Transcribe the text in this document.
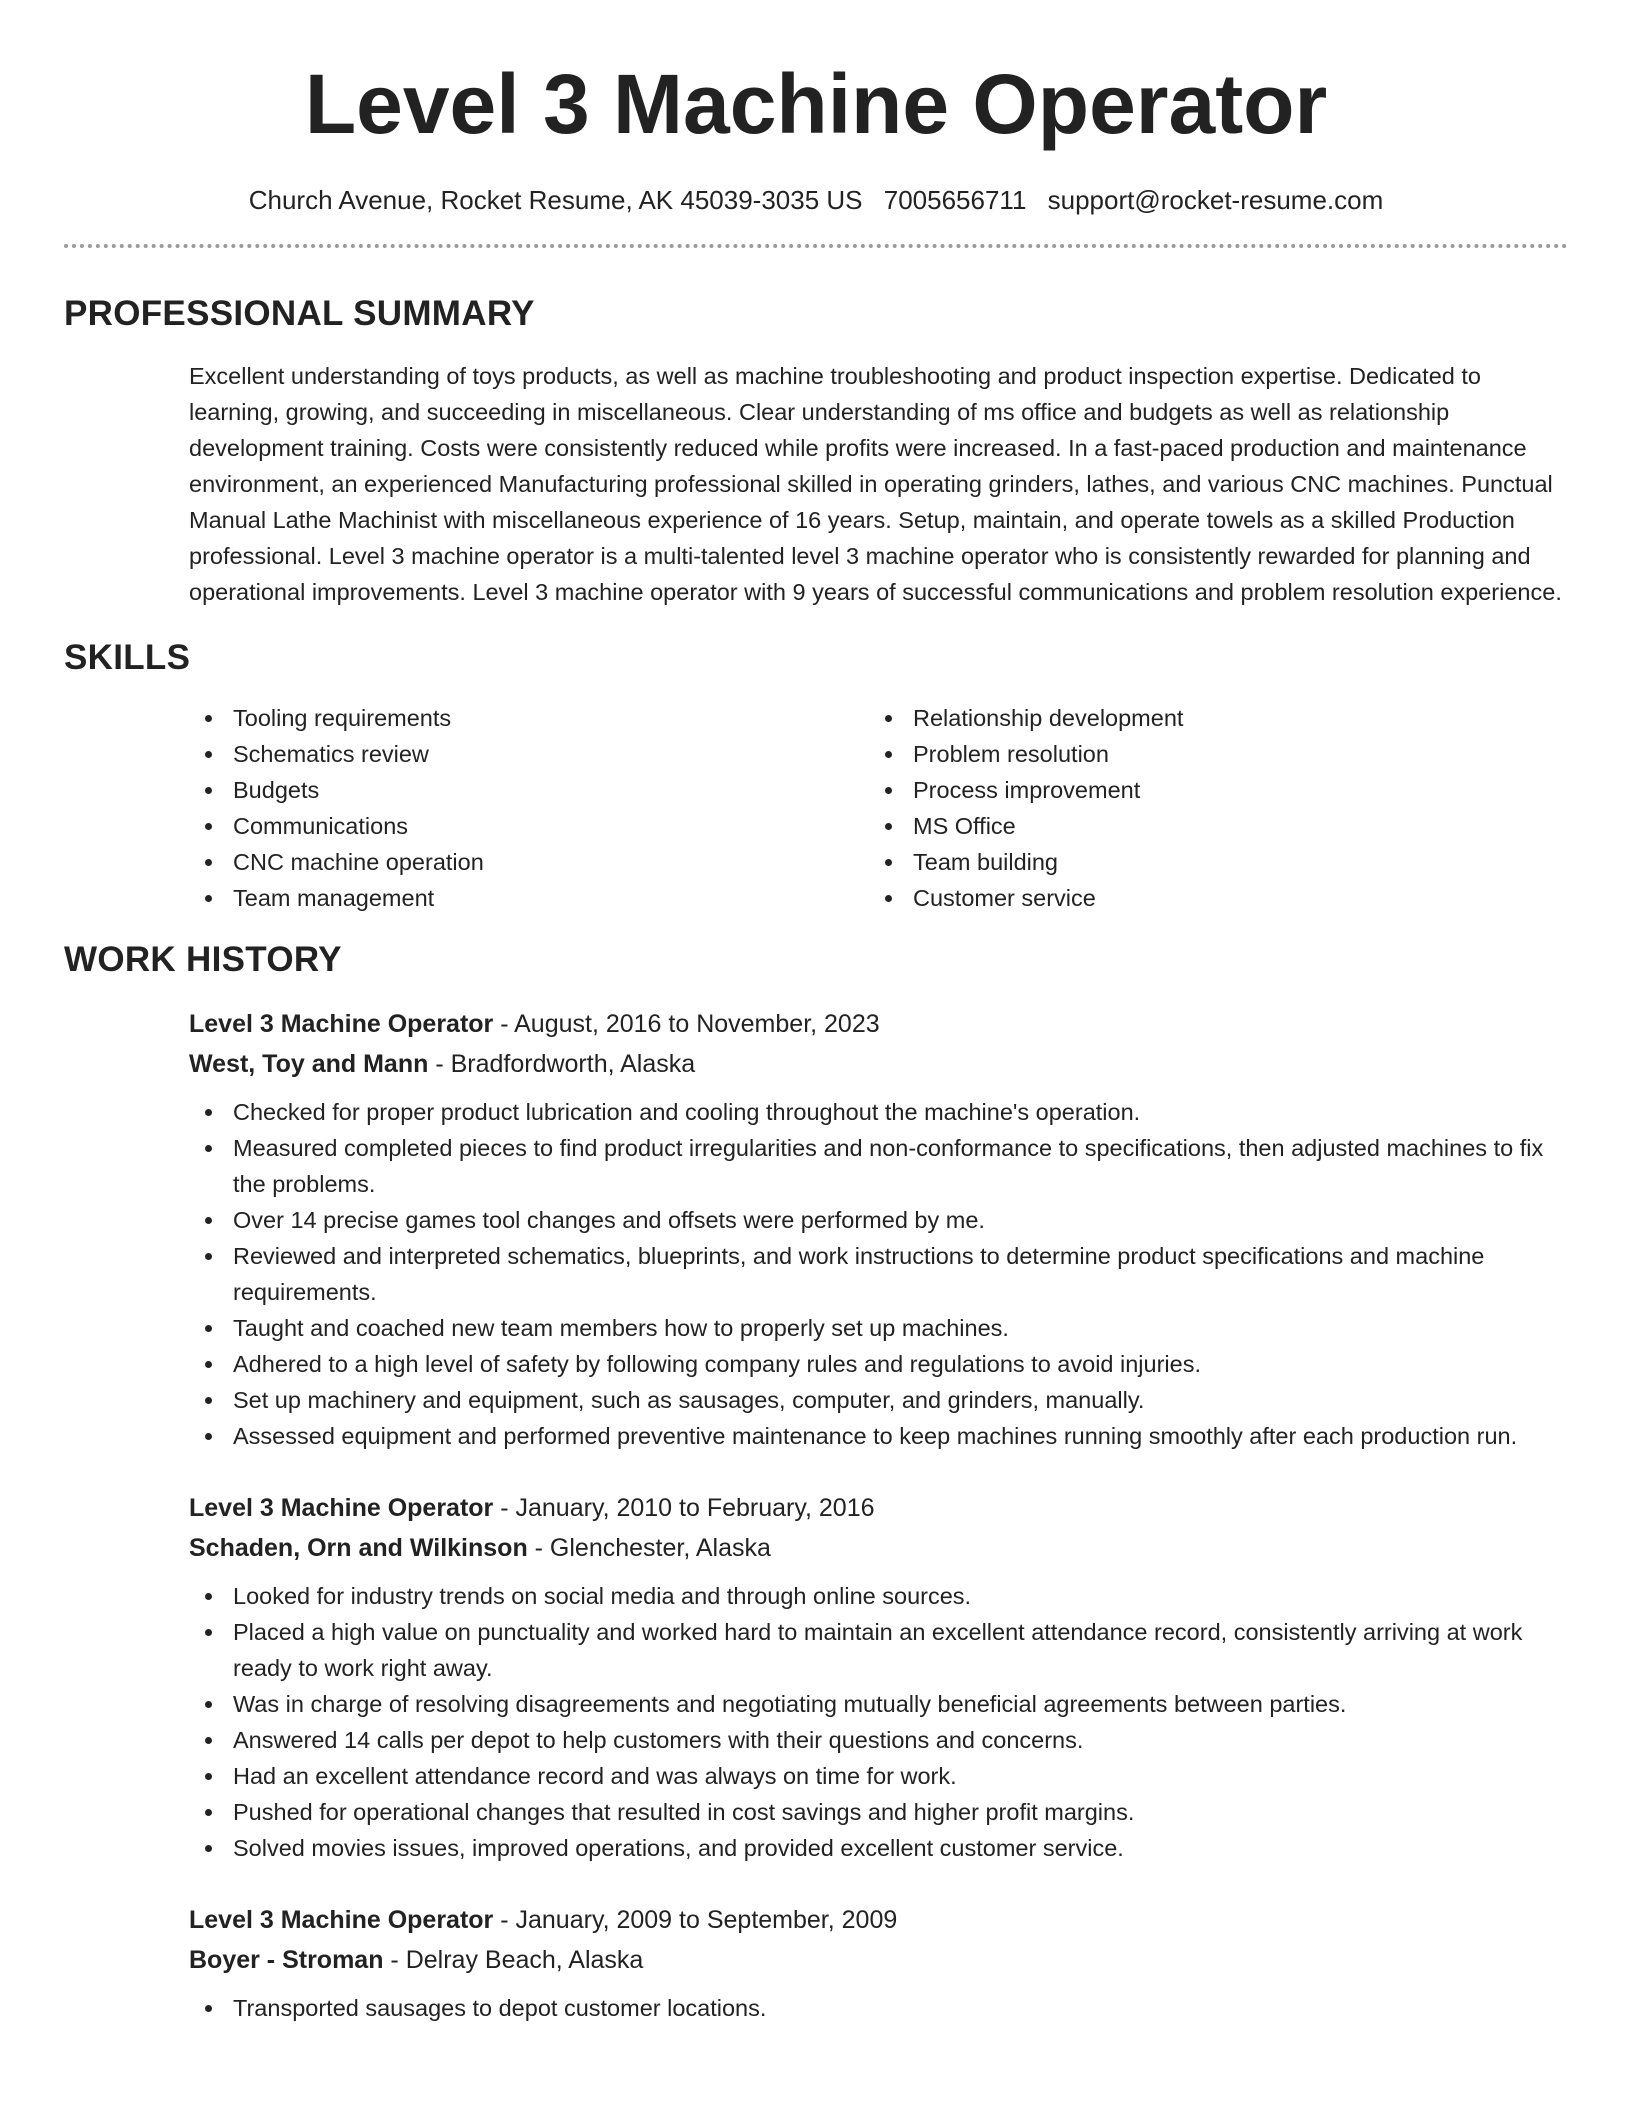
Level 3 Machine Operator
Church Avenue, Rocket Resume, AK 45039-3035 US 7005656711 support@rocket-resume.com
PROFESSIONAL SUMMARY
Excellent understanding of toys products, as well as machine troubleshooting and product inspection expertise. Dedicated to learning, growing, and succeeding in miscellaneous. Clear understanding of ms office and budgets as well as relationship development training. Costs were consistently reduced while profits were increased. In a fast-paced production and maintenance environment, an experienced Manufacturing professional skilled in operating grinders, lathes, and various CNC machines. Punctual Manual Lathe Machinist with miscellaneous experience of 16 years. Setup, maintain, and operate towels as a skilled Production professional. Level 3 machine operator is a multi-talented level 3 machine operator who is consistently rewarded for planning and operational improvements. Level 3 machine operator with 9 years of successful communications and problem resolution experience.
SKILLS
Tooling requirements
Schematics review
Budgets
Communications
CNC machine operation
Team management
Relationship development
Problem resolution
Process improvement
MS Office
Team building
Customer service
WORK HISTORY
Level 3 Machine Operator - August, 2016 to November, 2023
West, Toy and Mann - Bradfordworth, Alaska
Checked for proper product lubrication and cooling throughout the machine's operation.
Measured completed pieces to find product irregularities and non-conformance to specifications, then adjusted machines to fix the problems.
Over 14 precise games tool changes and offsets were performed by me.
Reviewed and interpreted schematics, blueprints, and work instructions to determine product specifications and machine requirements.
Taught and coached new team members how to properly set up machines.
Adhered to a high level of safety by following company rules and regulations to avoid injuries.
Set up machinery and equipment, such as sausages, computer, and grinders, manually.
Assessed equipment and performed preventive maintenance to keep machines running smoothly after each production run.
Level 3 Machine Operator - January, 2010 to February, 2016
Schaden, Orn and Wilkinson - Glenchester, Alaska
Looked for industry trends on social media and through online sources.
Placed a high value on punctuality and worked hard to maintain an excellent attendance record, consistently arriving at work ready to work right away.
Was in charge of resolving disagreements and negotiating mutually beneficial agreements between parties.
Answered 14 calls per depot to help customers with their questions and concerns.
Had an excellent attendance record and was always on time for work.
Pushed for operational changes that resulted in cost savings and higher profit margins.
Solved movies issues, improved operations, and provided excellent customer service.
Level 3 Machine Operator - January, 2009 to September, 2009
Boyer - Stroman - Delray Beach, Alaska
Transported sausages to depot customer locations.
